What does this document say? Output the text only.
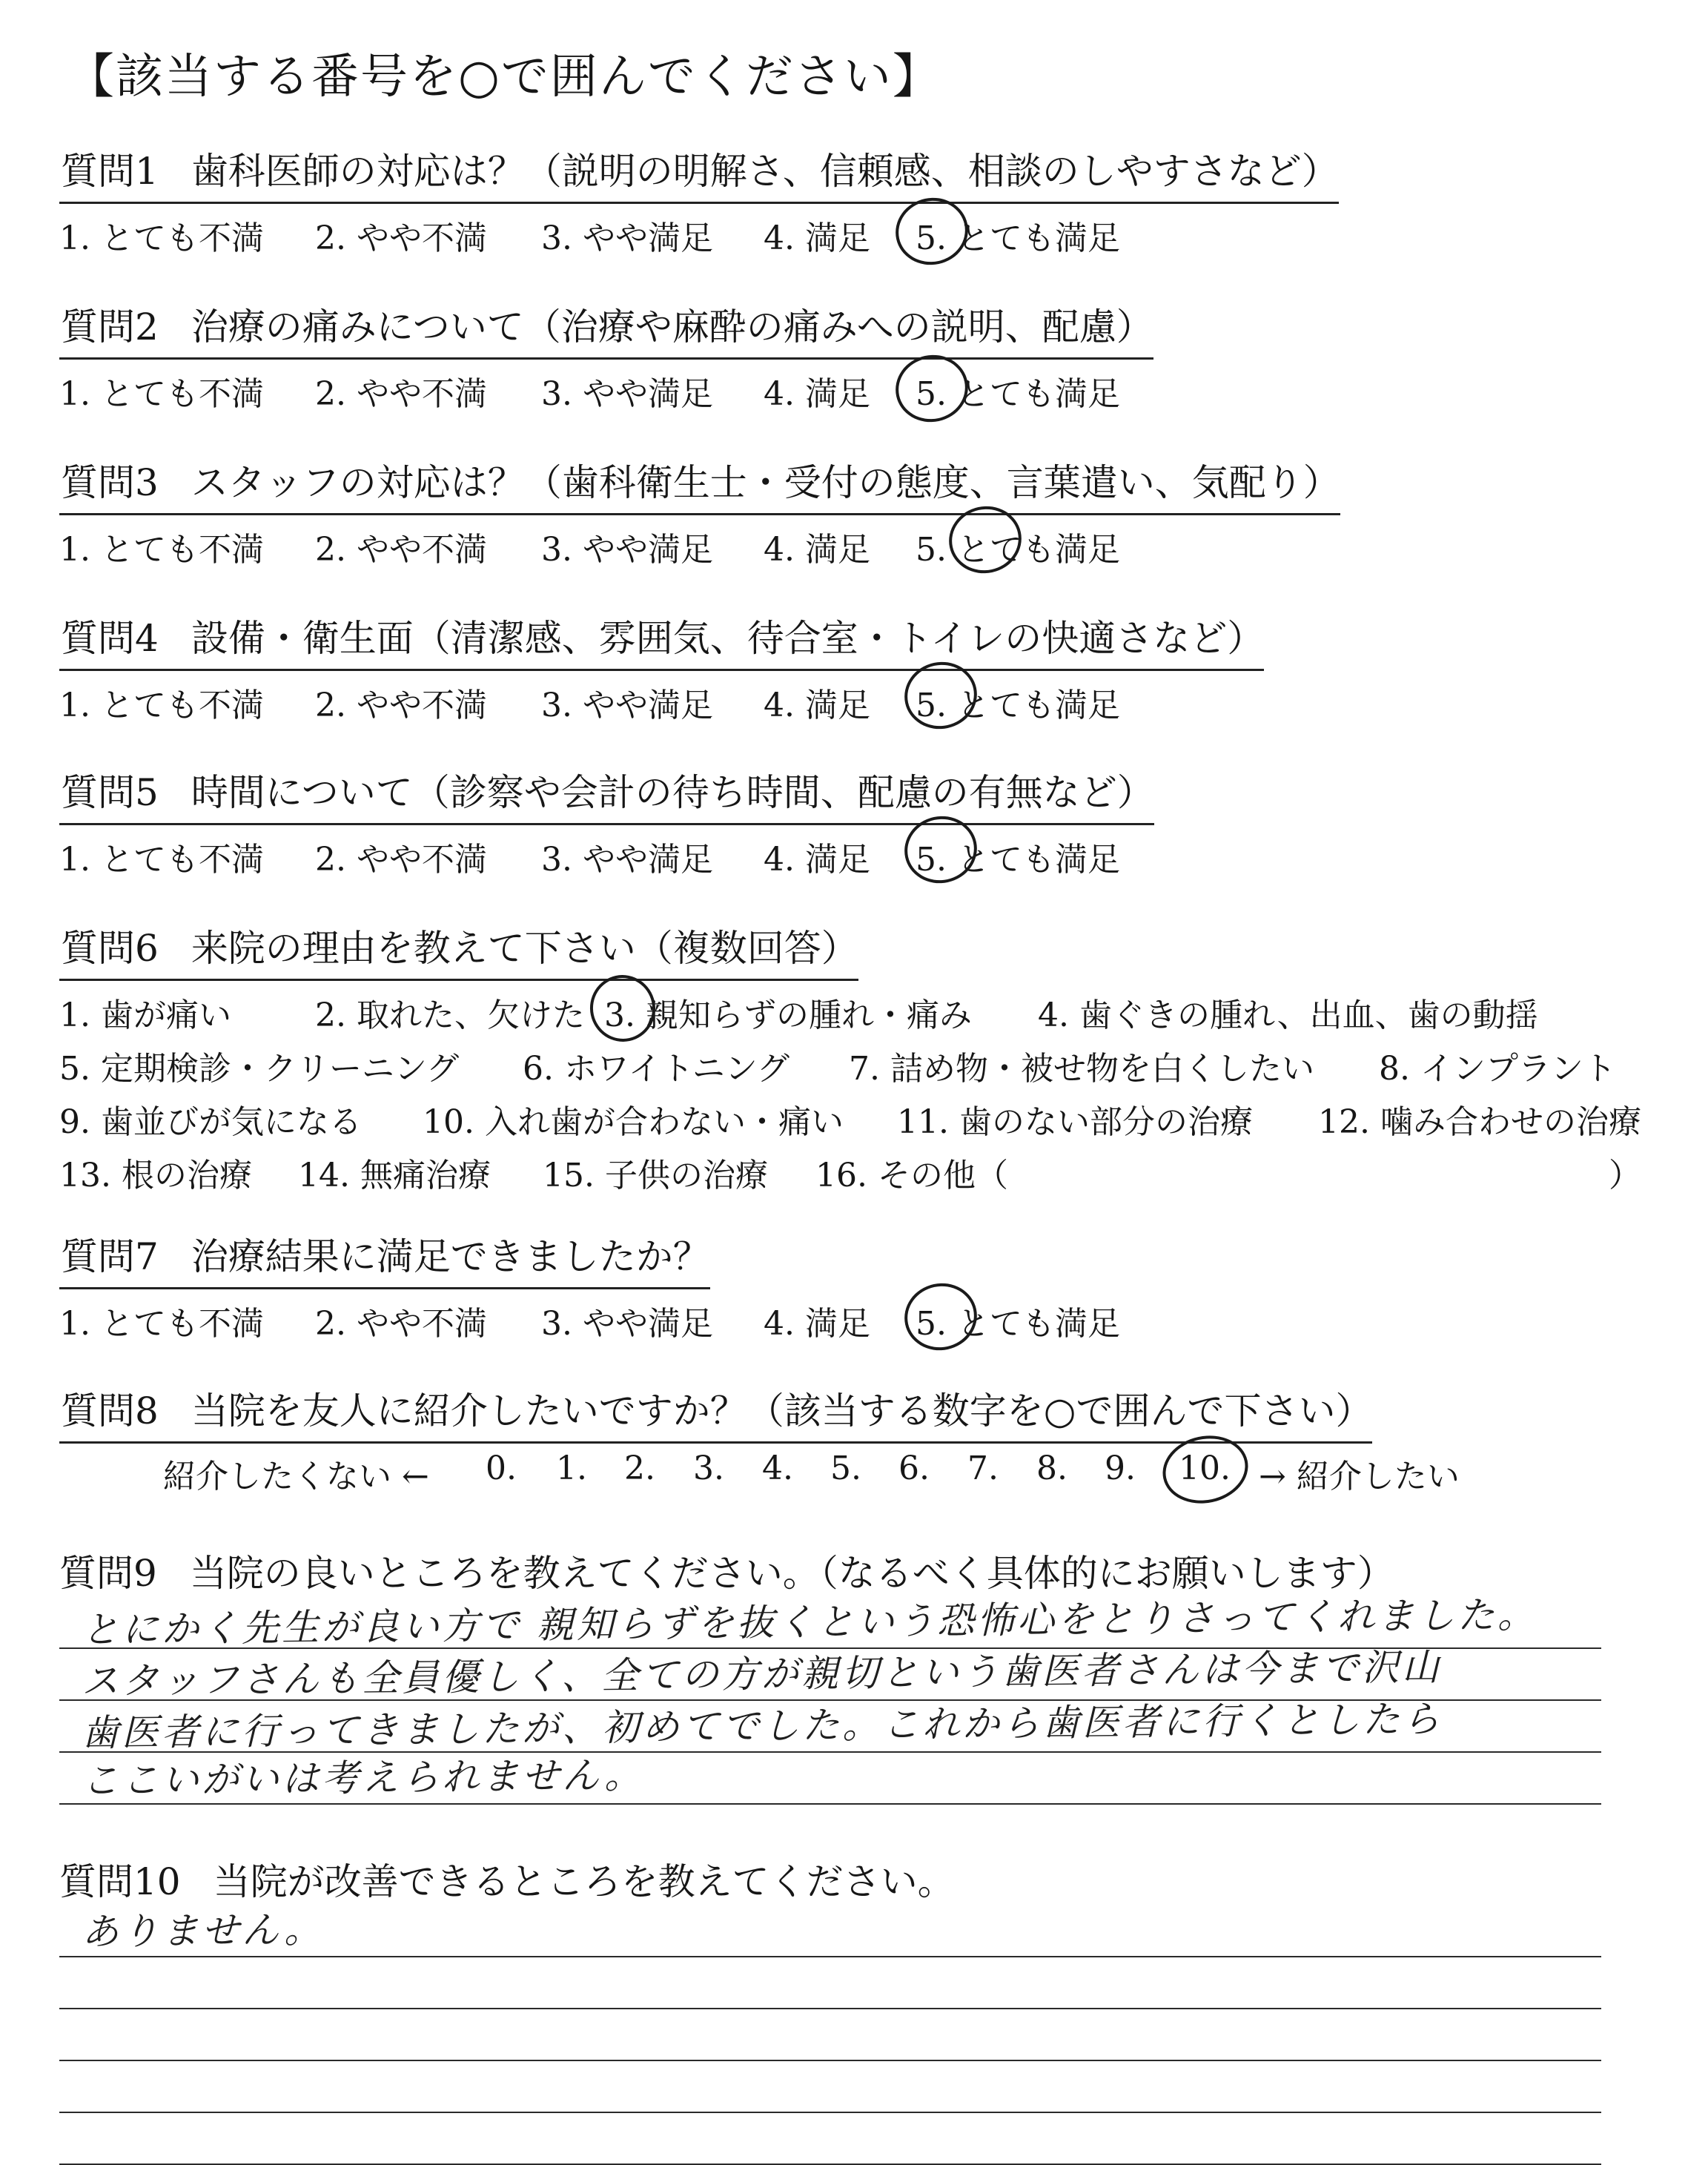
【該当する番号を○で囲んでください】
質問1 歯科医師の対応は？（説明の明解さ、信頼感、相談のしやすさなど）
1. とても不満 2. やや不満 3. やや満足 4. 満足 5. とても満足
質問2 治療の痛みについて（治療や麻酔の痛みへの説明、配慮）
1. とても不満 2. やや不満 3. やや満足 4. 満足 5. とても満足
質問3 スタッフの対応は？（歯科衛生士・受付の態度、言葉遣い、気配り）
1. とても不満 2. やや不満 3. やや満足 4. 満足 5. とても満足
質問4 設備・衛生面（清潔感、雰囲気、待合室・トイレの快適さなど）
1. とても不満 2. やや不満 3. やや満足 4. 満足 5. とても満足
質問5 時間について（診察や会計の待ち時間、配慮の有無など）
1. とても不満 2. やや不満 3. やや満足 4. 満足 5. とても満足
質問6 来院の理由を教えて下さい（複数回答）
1. 歯が痛い	2. 取れた、欠けた 3. 親知らずの腫れ・痛み 4. 歯ぐきの腫れ、出血、歯の動揺
5. 定期検診・クリーニング 6. ホワイトニング 7. 詰め物・被せ物を白くしたい 8. インプラント
9. 歯並びが気になる 10. 入れ歯が合わない・痛い 11. 歯のない部分の治療 12. 噛み合わせの治療
13. 根の治療 14. 無痛治療 15. 子供の治療 16. その他（	）
質問7 治療結果に満足できましたか？
1. とても不満 2. やや不満 3. やや満足 4. 満足 5. とても満足
質問8 当院を友人に紹介したいですか？（該当する数字を○で囲んで下さい）
紹介したくない ← 0. 1. 2. 3. 4. 5. 6. 7. 8. 9. 10. → 紹介したい
質問9 当院の良いところを教えてください。（なるべく具体的にお願いします）
とにかく先生が良い方で 親知らずを抜くという恐怖心をとりさってくれました。
スタッフさんも全員優しく、全ての方が親切という歯医者さんは今まで沢山
歯医者に行ってきましたが、初めてでした。これから歯医者に行くとしたら
ここいがいは考えられません。
質問10 当院が改善できるところを教えてください。
ありません。
